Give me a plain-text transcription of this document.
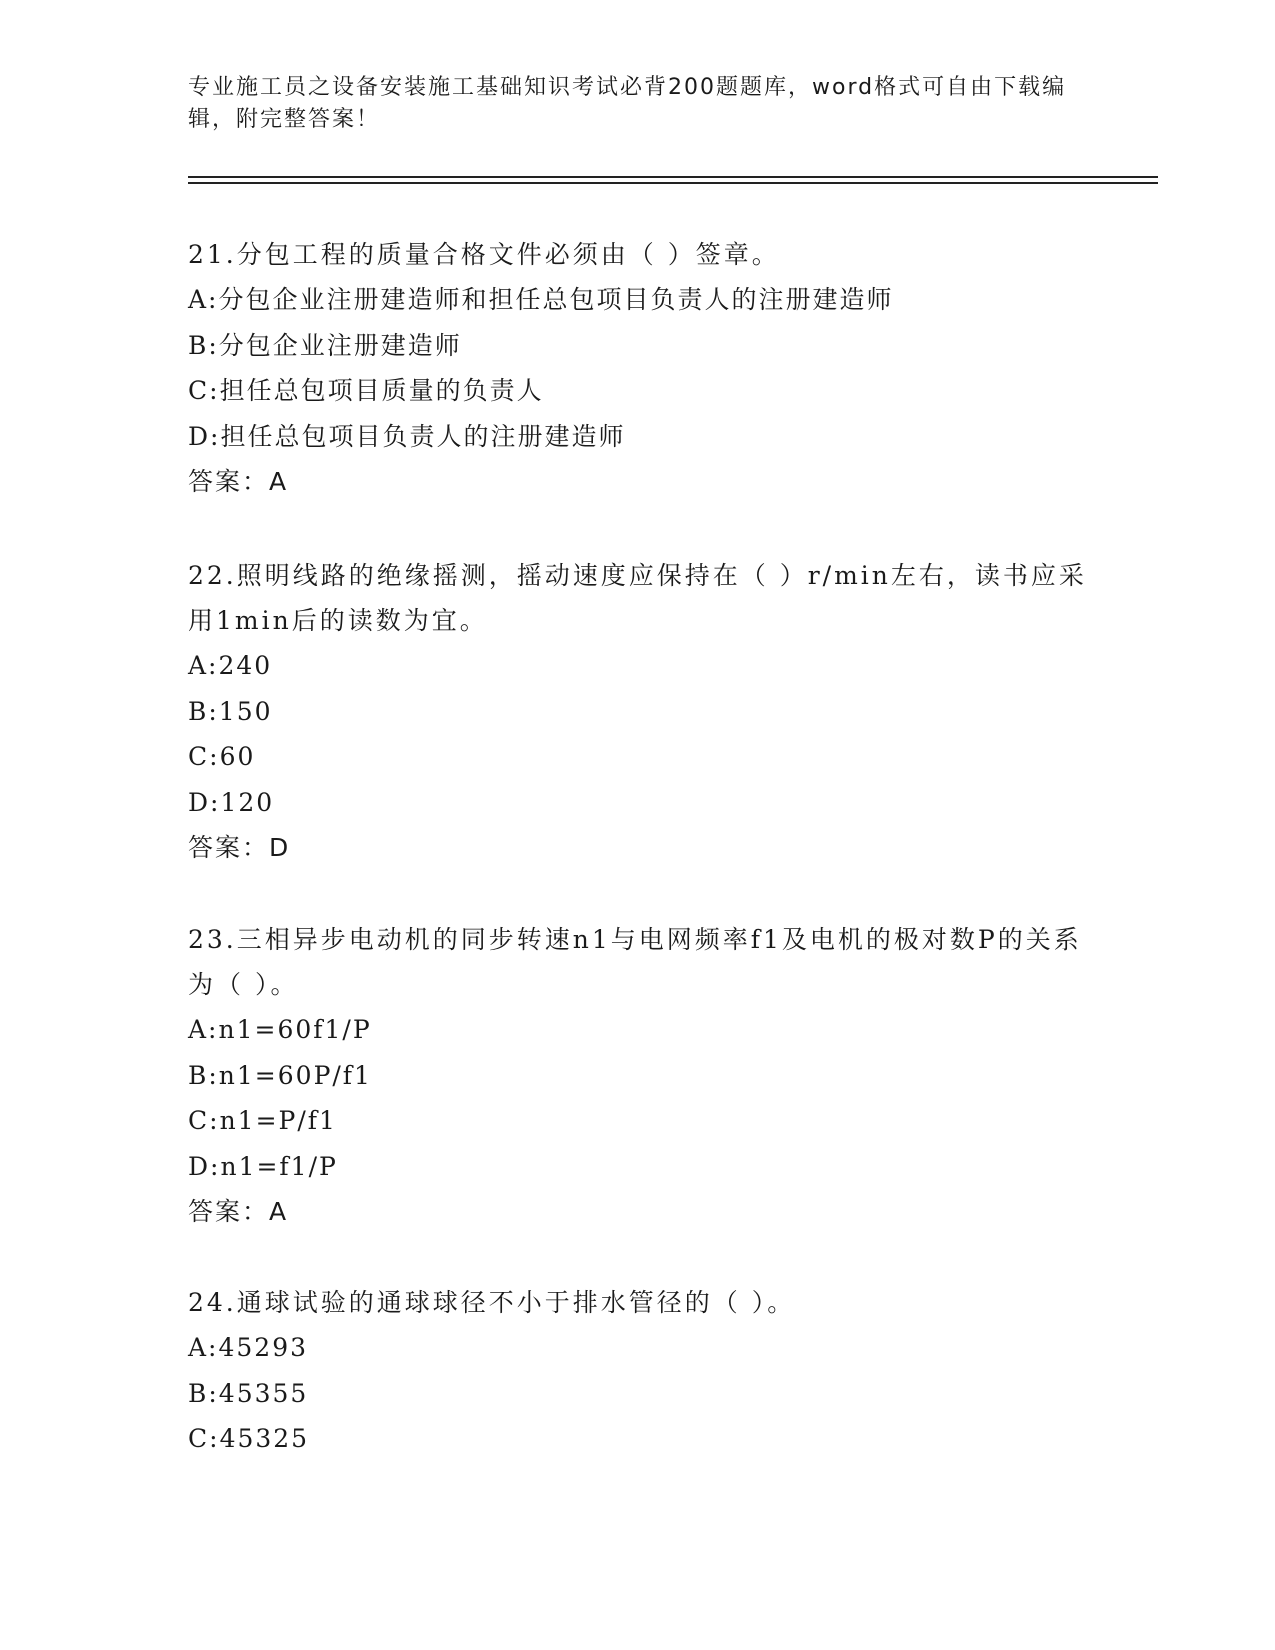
专业施工员之设备安装施工基础知识考试必背200题题库，word格式可自由下载编辑，附完整答案！

21.分包工程的质量合格文件必须由（ ）签章。

A: 分包企业注册建造师和担任总包项目负责人的注册建造师

B: 分包企业注册建造师

C: 担任总包项目质量的负责人

D: 担任总包项目负责人的注册建造师

答案：A

22.照明线路的绝缘摇测，摇动速度应保持在（ ）r/min左右，读书应采用1min后的读数为宜。

A: 240

B: 150

C: 60

D: 120

答案：D

23.三相异步电动机的同步转速n1与电网频率f1及电机的极对数P的关系为（ ）。

A: n1=60f1/P

B: n1=60P/f1

C: n1=P/f1

D: n1=f1/P

答案：A

24.通球试验的通球球径不小于排水管径的（ ）。

A: 45293

B: 45355

C: 45325
